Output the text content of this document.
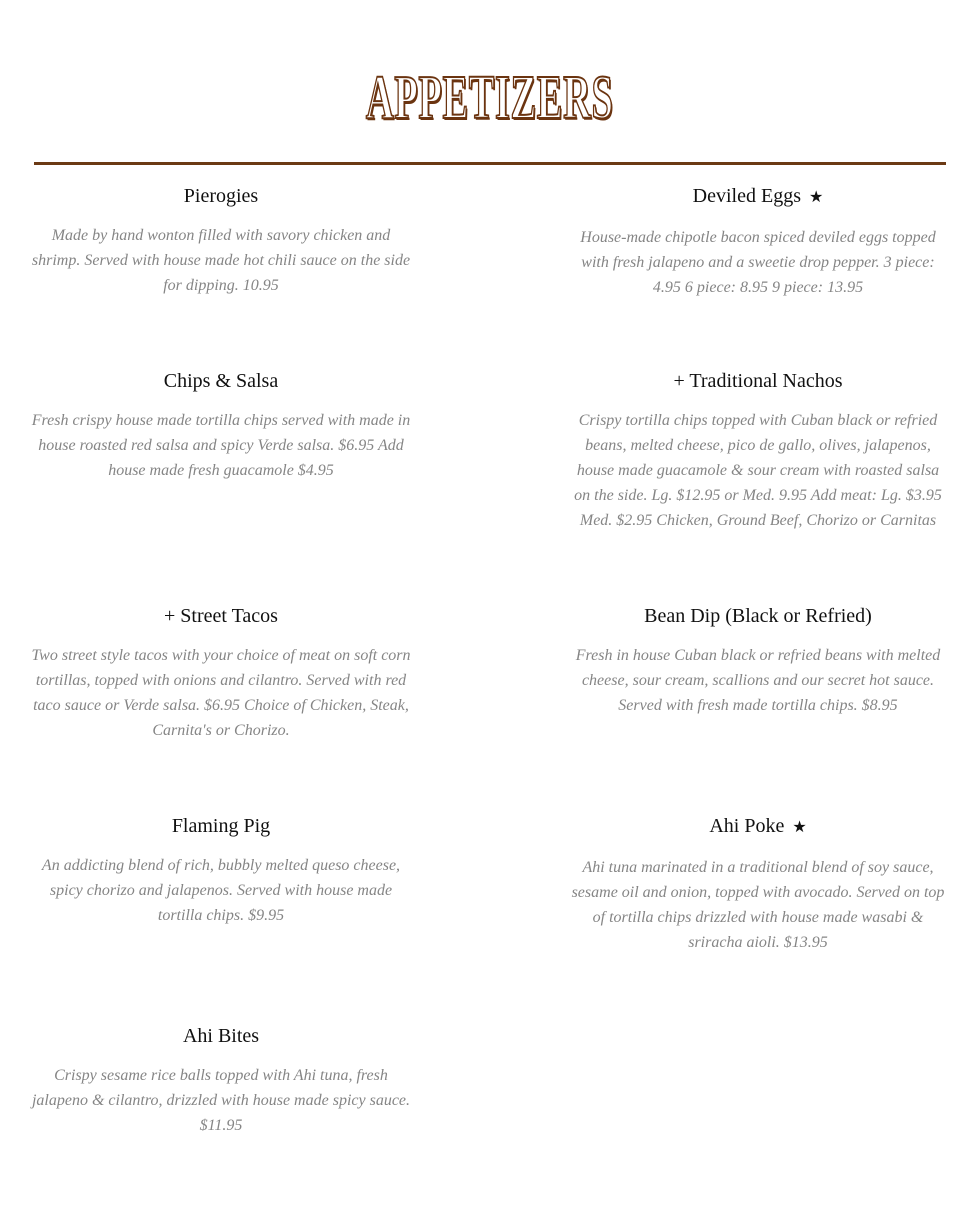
APPETIZERS
Pierogies

Made by hand wonton filled with savory chicken and shrimp. Served with house made hot chili sauce on the side for dipping. 10.95

Deviled Eggs ★

House-made chipotle bacon spiced deviled eggs topped with fresh jalapeno and a sweetie drop pepper. 3 piece: 4.95 6 piece: 8.95 9 piece: 13.95

Chips & Salsa

Fresh crispy house made tortilla chips served with made in house roasted red salsa and spicy Verde salsa. $6.95 Add house made fresh guacamole $4.95

+ Traditional Nachos

Crispy tortilla chips topped with Cuban black or refried beans, melted cheese, pico de gallo, olives, jalapenos, house made guacamole & sour cream with roasted salsa on the side. Lg. $12.95 or Med. 9.95 Add meat: Lg. $3.95 Med. $2.95 Chicken, Ground Beef, Chorizo or Carnitas

+ Street Tacos

Two street style tacos with your choice of meat on soft corn tortillas, topped with onions and cilantro. Served with red taco sauce or Verde salsa. $6.95 Choice of Chicken, Steak, Carnita's or Chorizo.

Bean Dip (Black or Refried)

Fresh in house Cuban black or refried beans with melted cheese, sour cream, scallions and our secret hot sauce. Served with fresh made tortilla chips. $8.95

Flaming Pig

An addicting blend of rich, bubbly melted queso cheese, spicy chorizo and jalapenos. Served with house made tortilla chips. $9.95

Ahi Poke ★

Ahi tuna marinated in a traditional blend of soy sauce, sesame oil and onion, topped with avocado. Served on top of tortilla chips drizzled with house made wasabi & sriracha aioli. $13.95

Ahi Bites

Crispy sesame rice balls topped with Ahi tuna, fresh jalapeno & cilantro, drizzled with house made spicy sauce. $11.95
